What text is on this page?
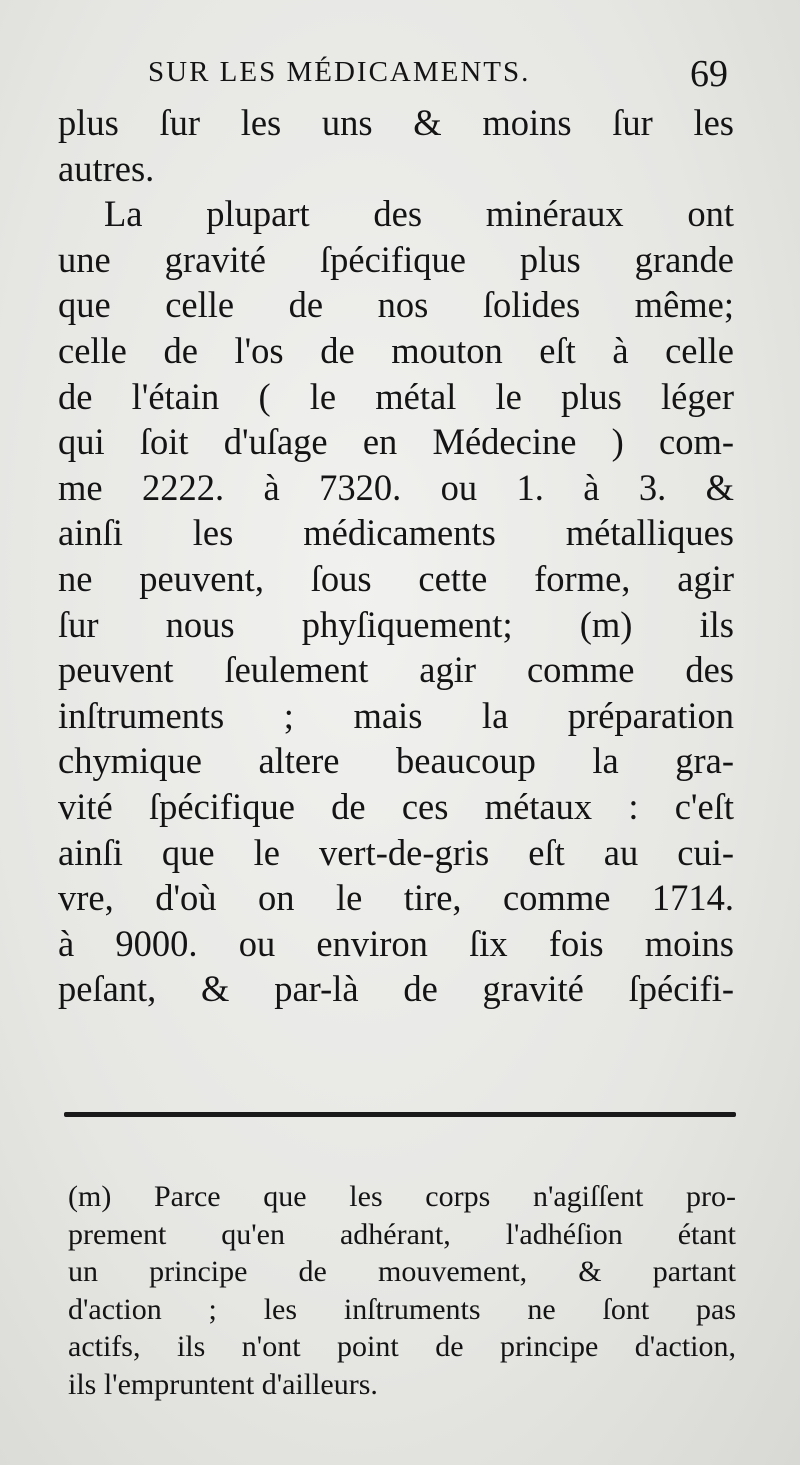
SUR LES MÉDICAMENTS.	69
plus ſur les uns & moins ſur les
autres.
La plupart des minéraux ont
une gravité ſpécifique plus grande
que celle de nos ſolides même;
celle de l'os de mouton eſt à celle
de l'étain ( le métal le plus léger
qui ſoit d'uſage en Médecine ) com-
me 2222. à 7320. ou 1. à 3. &
ainſi les médicaments métalliques
ne peuvent, ſous cette forme, agir
ſur nous phyſiquement; (m) ils
peuvent ſeulement agir comme des
inſtruments ; mais la préparation
chymique altere beaucoup la gra-
vité ſpécifique de ces métaux : c'eſt
ainſi que le vert-de-gris eſt au cui-
vre, d'où on le tire, comme 1714.
à 9000. ou environ ſix fois moins
peſant, & par-là de gravité ſpécifi-
(m) Parce que les corps n'agiſſent pro-
prement qu'en adhérant, l'adhéſion étant
un principe de mouvement, & partant
d'action ; les inſtruments ne ſont pas
actifs, ils n'ont point de principe d'action,
ils l'empruntent d'ailleurs.
